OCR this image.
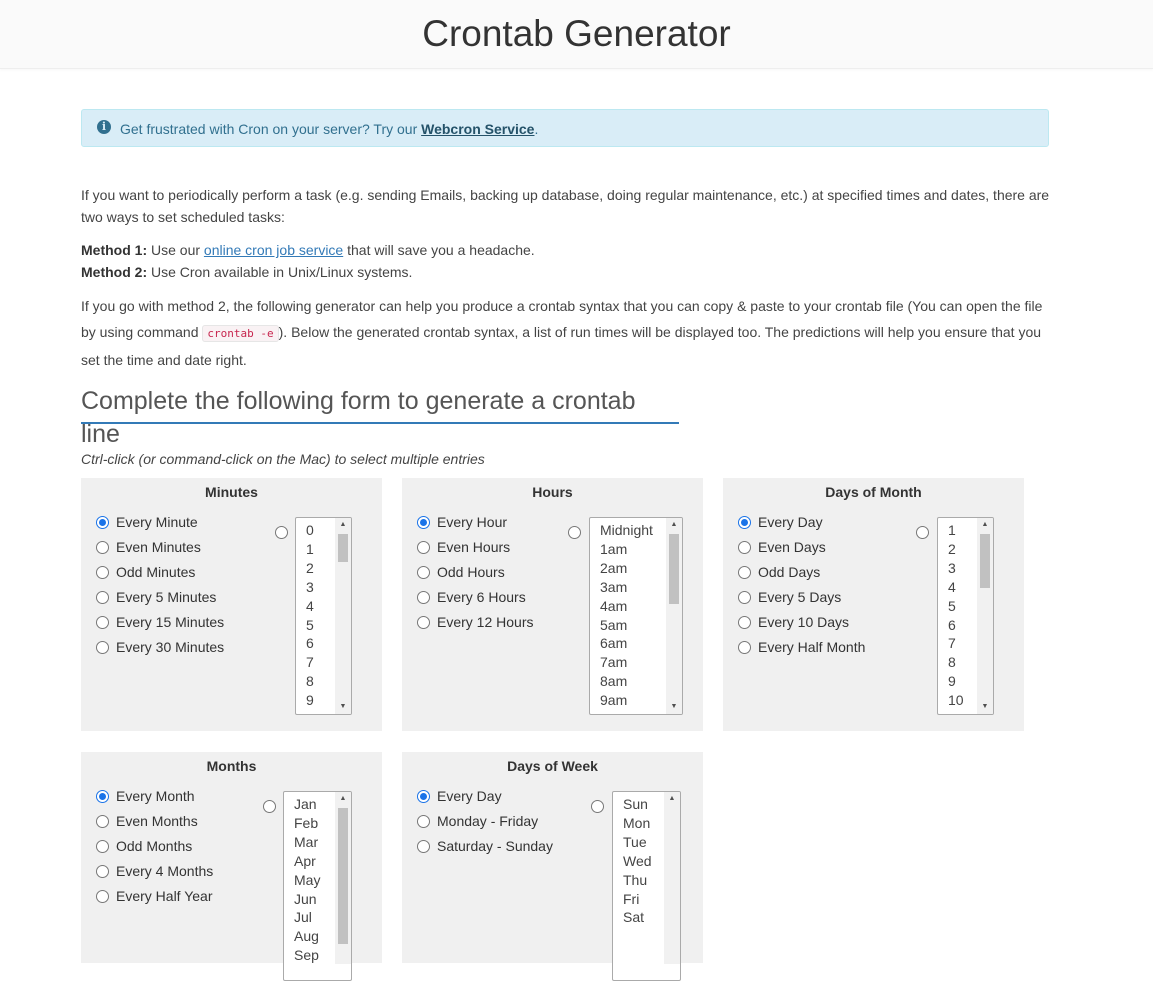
Crontab Generator
i Get frustrated with Cron on your server? Try our Webcron Service.
If you want to periodically perform a task (e.g. sending Emails, backing up database, doing regular maintenance, etc.) at specified times and dates, there are two ways to set scheduled tasks:
Method 1: Use our online cron job service that will save you a headache.
Method 2: Use Cron available in Unix/Linux systems.
If you go with method 2, the following generator can help you produce a crontab syntax that you can copy & paste to your crontab file (You can open the file by using command crontab -e ). Below the generated crontab syntax, a list of run times will be displayed too. The predictions will help you ensure that you set the time and date right.
Complete the following form to generate a crontab line
Ctrl-click (or command-click on the Mac) to select multiple entries
Minutes
Every Minute
Even Minutes
Odd Minutes
Every 5 Minutes
Every 15 Minutes
Every 30 Minutes
0
1
2
3
4
5
6
7
8
9
▲
▼
Hours
Every Hour
Even Hours
Odd Hours
Every 6 Hours
Every 12 Hours
Midnight
1am
2am
3am
4am
5am
6am
7am
8am
9am
▲
▼
Days of Month
Every Day
Even Days
Odd Days
Every 5 Days
Every 10 Days
Every Half Month
1
2
3
4
5
6
7
8
9
10
▲
▼
Months
Every Month
Even Months
Odd Months
Every 4 Months
Every Half Year
Jan
Feb
Mar
Apr
May
Jun
Jul
Aug
Sep
▲
Days of Week
Every Day
Monday - Friday
Saturday - Sunday
Sun
Mon
Tue
Wed
Thu
Fri
Sat
▲
